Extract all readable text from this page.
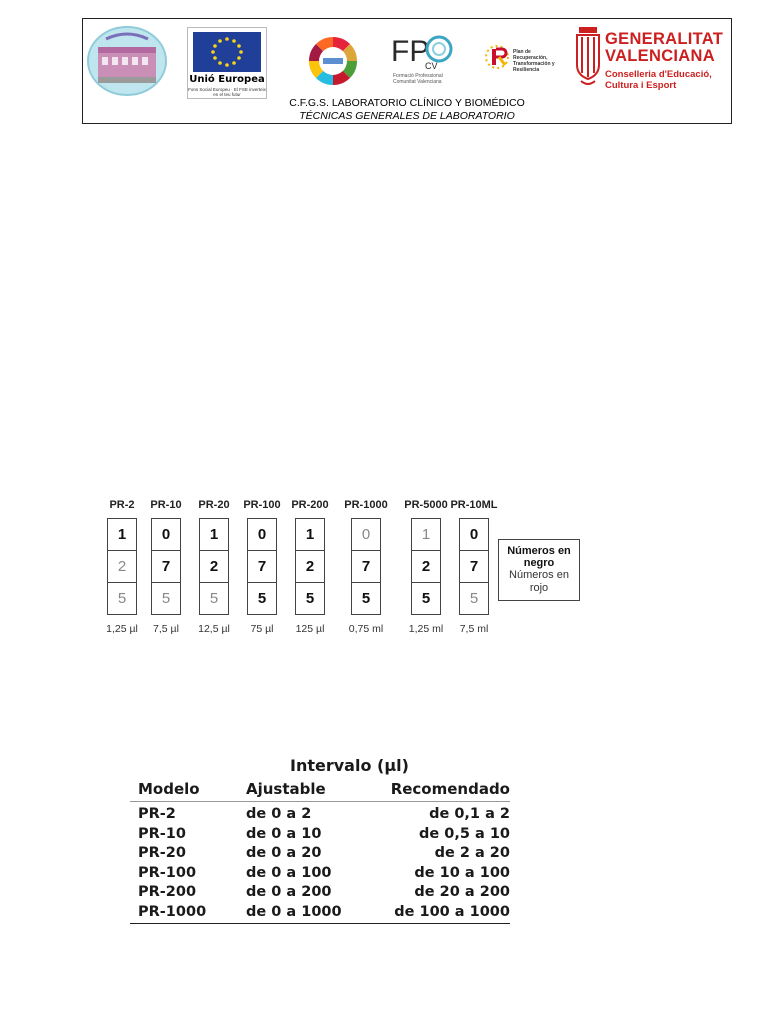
Unió Europea
Fons Social Europeu · El FSE inverteix en el teu futur
FP
CV
Formació Professional Comunitat Valenciana
Plan de Recuperación, Transformación y Resiliencia
GENERALITAT VALENCIANA
Conselleria d'Educació, Cultura i Esport
C.F.G.S. LABORATORIO CLÍNICO Y BIOMÉDICO
TÉCNICAS GENERALES DE LABORATORIO
PR-2
1
2
5
1,25 µl
PR-10
0
7
5
7,5 µl
PR-20
1
2
5
12,5 µl
PR-100
0
7
5
75 µl
PR-200
1
2
5
125 µl
PR-1000
0
7
5
0,75 ml
PR-5000
1
2
5
1,25 ml
PR-10ML
0
7
5
7,5 ml
Números en negro
Números en rojo
Intervalo (µl)
Modelo	Ajustable	Recomendado
PR-2	de 0 a 2	de 0,1 a 2
PR-10	de 0 a 10	de 0,5 a 10
PR-20	de 0 a 20	de 2 a 20
PR-100	de 0 a 100	de 10 a 100
PR-200	de 0 a 200	de 20 a 200
PR-1000	de 0 a 1000	de 100 a 1000
